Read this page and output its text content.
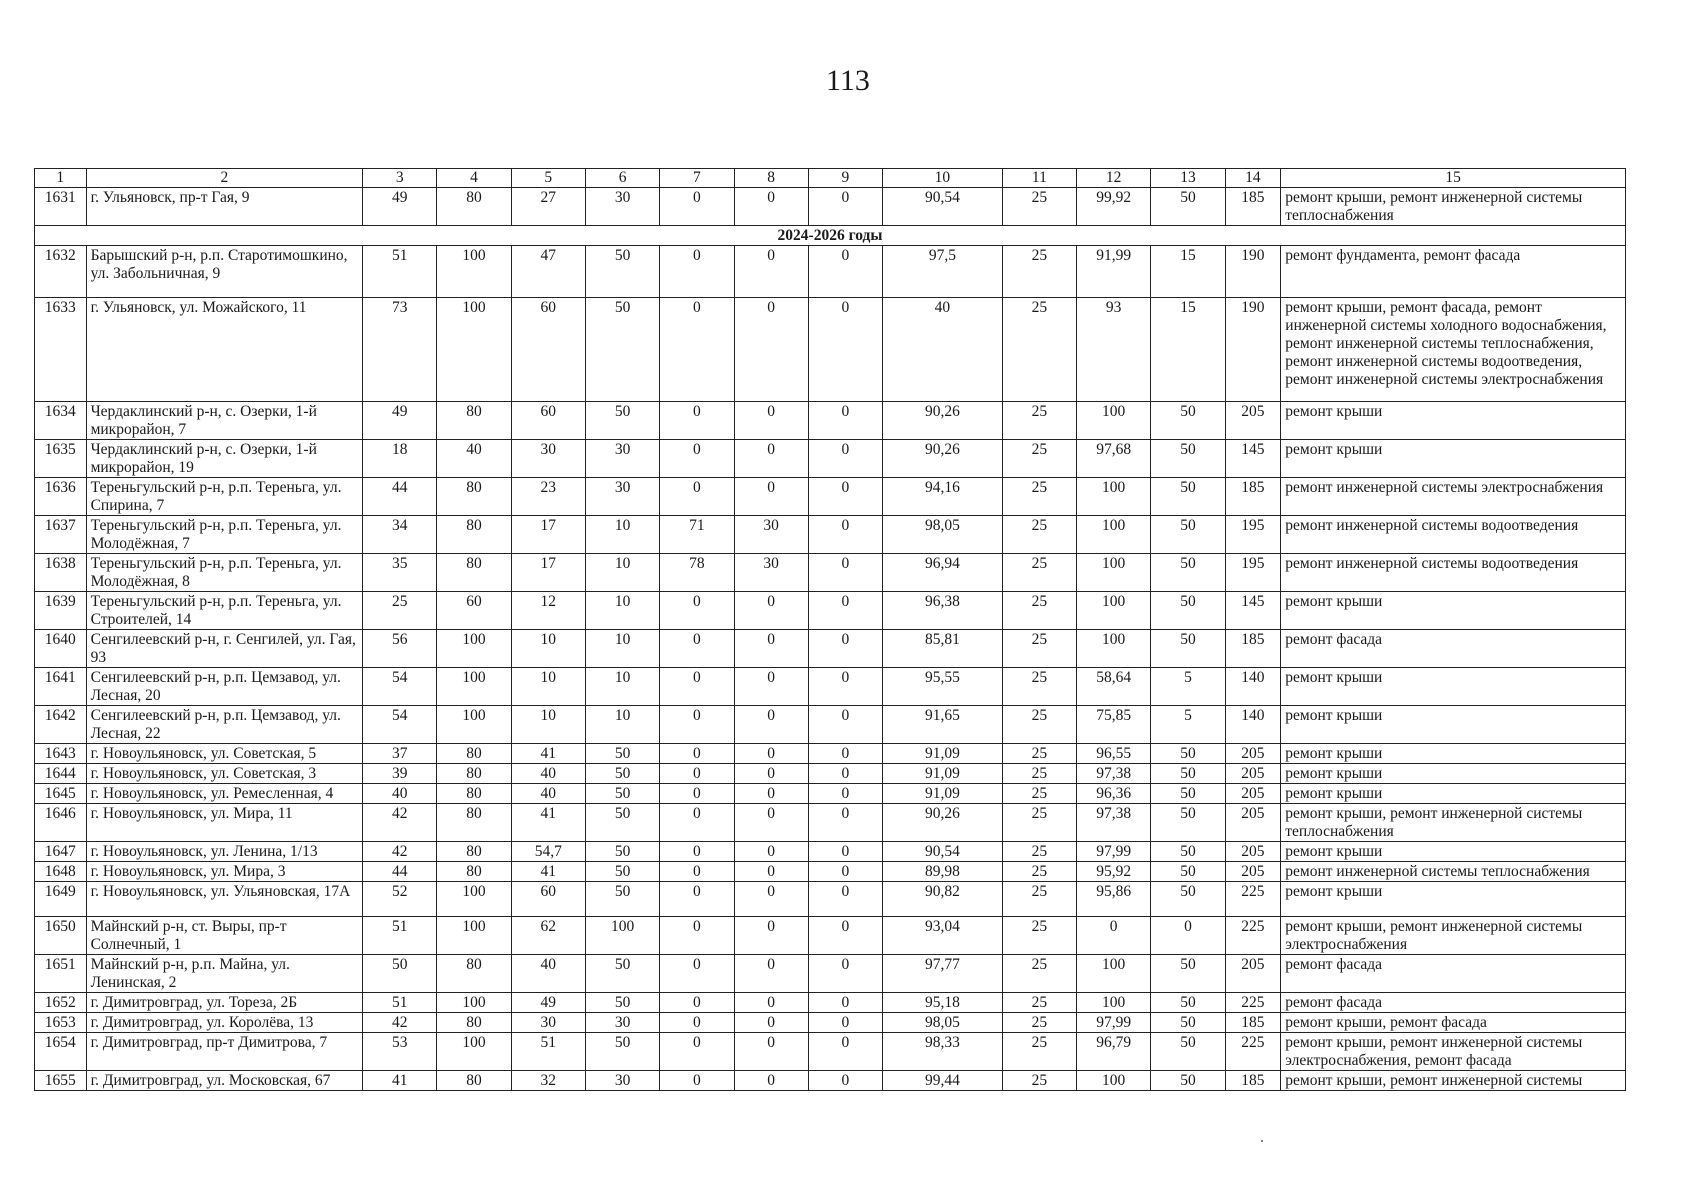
113
1	2	3	4	5	6	7	8	9	10	11	12	13	14	15
1631	г. Ульяновск, пр-т Гая, 9	49	80	27	30	0	0	0	90,54	25	99,92	50	185	ремонт крыши, ремонт инженерной системы теплоснабжения
2024-2026 годы														
1632	Барышский р-н, р.п. Старотимошкино, ул. Забольничная, 9	51	100	47	50	0	0	0	97,5	25	91,99	15	190	ремонт фундамента, ремонт фасада
1633	г. Ульяновск, ул. Можайского, 11	73	100	60	50	0	0	0	40	25	93	15	190	ремонт крыши, ремонт фасада, ремонт инженерной системы холодного водоснабжения, ремонт инженерной системы теплоснабжения, ремонт инженерной системы водоотведения, ремонт инженерной системы электроснабжения
1634	Чердаклинский р-н, с. Озерки, 1-й микрорайон, 7	49	80	60	50	0	0	0	90,26	25	100	50	205	ремонт крыши
1635	Чердаклинский р-н, с. Озерки, 1-й микрорайон, 19	18	40	30	30	0	0	0	90,26	25	97,68	50	145	ремонт крыши
1636	Тереньгульский р-н, р.п. Тереньга, ул. Спирина, 7	44	80	23	30	0	0	0	94,16	25	100	50	185	ремонт инженерной системы электроснабжения
1637	Тереньгульский р-н, р.п. Тереньга, ул. Молодёжная, 7	34	80	17	10	71	30	0	98,05	25	100	50	195	ремонт инженерной системы водоотведения
1638	Тереньгульский р-н, р.п. Тереньга, ул. Молодёжная, 8	35	80	17	10	78	30	0	96,94	25	100	50	195	ремонт инженерной системы водоотведения
1639	Тереньгульский р-н, р.п. Тереньга, ул. Строителей, 14	25	60	12	10	0	0	0	96,38	25	100	50	145	ремонт крыши
1640	Сенгилеевский р-н, г. Сенгилей, ул. Гая, 93	56	100	10	10	0	0	0	85,81	25	100	50	185	ремонт фасада
1641	Сенгилеевский р-н, р.п. Цемзавод, ул. Лесная, 20	54	100	10	10	0	0	0	95,55	25	58,64	5	140	ремонт крыши
1642	Сенгилеевский р-н, р.п. Цемзавод, ул. Лесная, 22	54	100	10	10	0	0	0	91,65	25	75,85	5	140	ремонт крыши
1643	г. Новоульяновск, ул. Советская, 5	37	80	41	50	0	0	0	91,09	25	96,55	50	205	ремонт крыши
1644	г. Новоульяновск, ул. Советская, 3	39	80	40	50	0	0	0	91,09	25	97,38	50	205	ремонт крыши
1645	г. Новоульяновск, ул. Ремесленная, 4	40	80	40	50	0	0	0	91,09	25	96,36	50	205	ремонт крыши
1646	г. Новоульяновск, ул. Мира, 11	42	80	41	50	0	0	0	90,26	25	97,38	50	205	ремонт крыши, ремонт инженерной системы теплоснабжения
1647	г. Новоульяновск, ул. Ленина, 1/13	42	80	54,7	50	0	0	0	90,54	25	97,99	50	205	ремонт крыши
1648	г. Новоульяновск, ул. Мира, 3	44	80	41	50	0	0	0	89,98	25	95,92	50	205	ремонт инженерной системы теплоснабжения
1649	г. Новоульяновск, ул. Ульяновская, 17А	52	100	60	50	0	0	0	90,82	25	95,86	50	225	ремонт крыши
1650	Майнский р-н, ст. Выры, пр-т Солнечный, 1	51	100	62	100	0	0	0	93,04	25	0	0	225	ремонт крыши, ремонт инженерной системы электроснабжения
1651	Майнский р-н, р.п. Майна, ул. Ленинская, 2	50	80	40	50	0	0	0	97,77	25	100	50	205	ремонт фасада
1652	г. Димитровград, ул. Тореза, 2Б	51	100	49	50	0	0	0	95,18	25	100	50	225	ремонт фасада
1653	г. Димитровград, ул. Королёва, 13	42	80	30	30	0	0	0	98,05	25	97,99	50	185	ремонт крыши, ремонт фасада
1654	г. Димитровград, пр-т Димитрова, 7	53	100	51	50	0	0	0	98,33	25	96,79	50	225	ремонт крыши, ремонт инженерной системы электроснабжения, ремонт фасада
1655	г. Димитровград, ул. Московская, 67	41	80	32	30	0	0	0	99,44	25	100	50	185	ремонт крыши, ремонт инженерной системы
